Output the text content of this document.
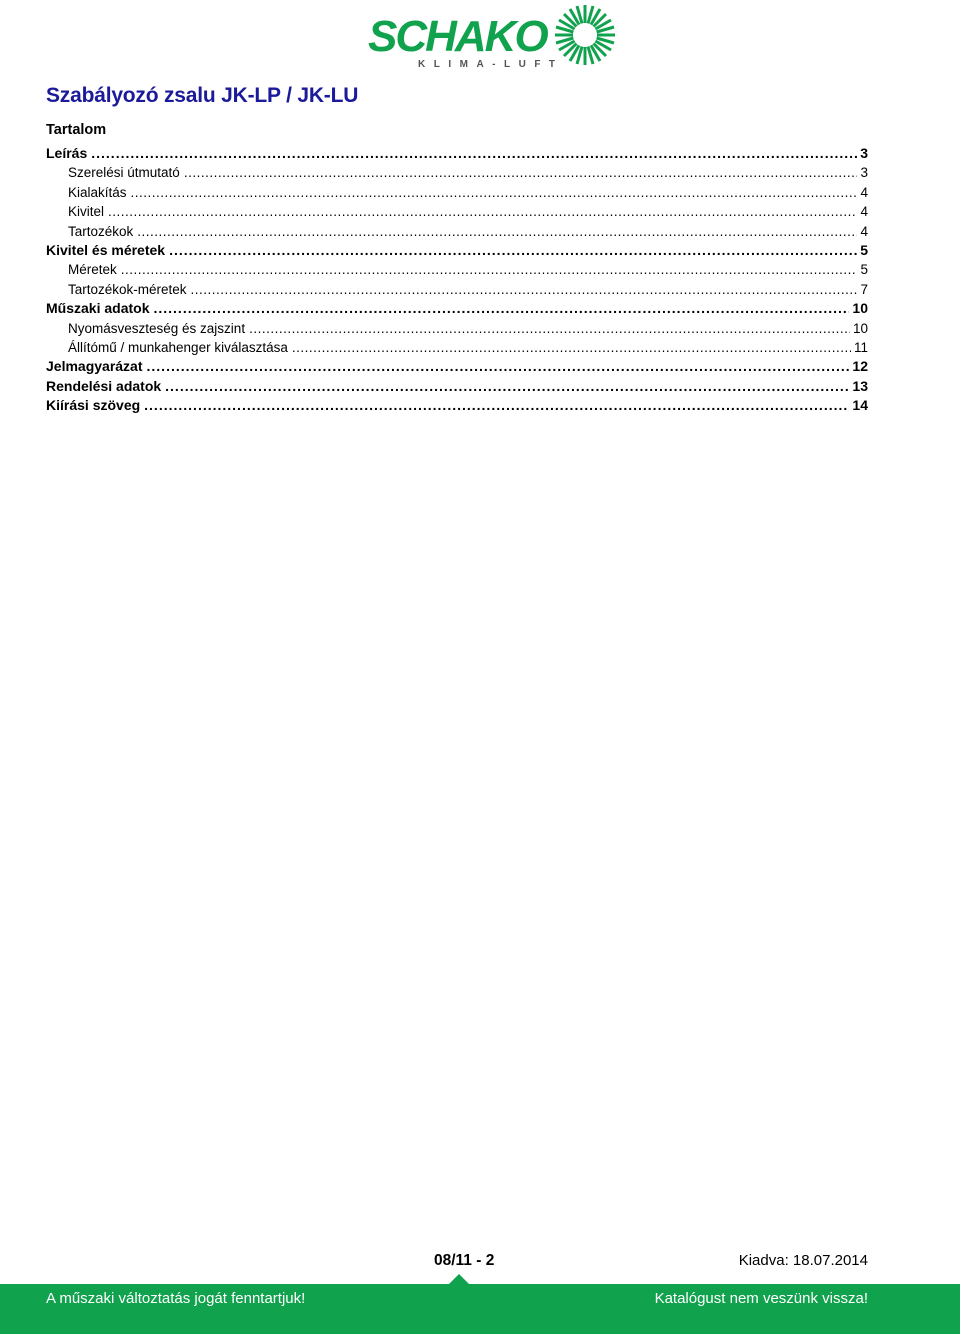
SCHAKO
KLIMA-LUFT
Szabályozó zsalu JK-LP / JK-LU
Tartalom
Leírás .....	3
Szerelési útmutató .....	3
Kialakítás .....	4
Kivitel .....	4
Tartozékok .....	4
Kivitel és méretek .....	5
Méretek .....	5
Tartozékok-méretek .....	7
Műszaki adatok .....	10
Nyomásveszteség és zajszint .....	10
Állítómű / munkahenger kiválasztása .....	11
Jelmagyarázat .....	12
Rendelési adatok .....	13
Kiírási szöveg .....	14
08/11 - 2	Kiadva: 18.07.2014
A műszaki változtatás jogát fenntartjuk!	Katalógust nem veszünk vissza!
